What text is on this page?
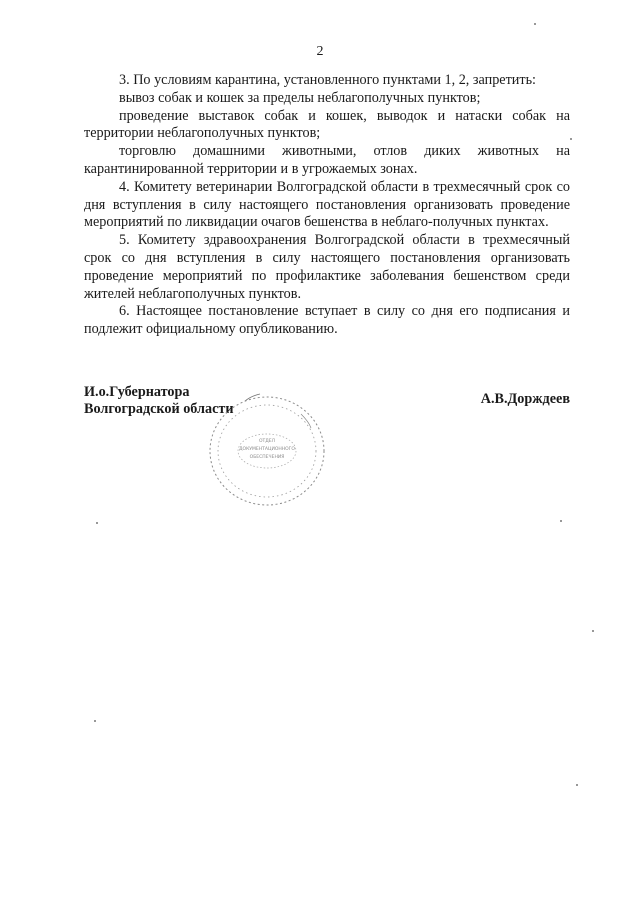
2

3. По условиям карантина, установленного пунктами 1, 2, запретить:

вывоз собак и кошек за пределы неблагополучных пунктов;

проведение выставок собак и кошек, выводок и натаски собак на территории неблагополучных пунктов;

торговлю домашними животными, отлов диких животных на карантинированной территории и в угрожаемых зонах.

4. Комитету ветеринарии Волгоградской области в трехмесячный срок со дня вступления в силу настоящего постановления организовать проведение мероприятий по ликвидации очагов бешенства в неблаго-получных пунктах.

5. Комитету здравоохранения Волгоградской области в трехмесячный срок со дня вступления в силу настоящего постановления организовать проведение мероприятий по профилактике заболевания бешенством среди жителей неблагополучных пунктов.

6. Настоящее постановление вступает в силу со дня его подписания и подлежит официальному опубликованию.

И.о.Губернатора
Волгоградской области
А.В.Дорждеев
ОТДЕЛ
ДОКУМЕНТАЦИОННОГО
ОБЕСПЕЧЕНИЯ
